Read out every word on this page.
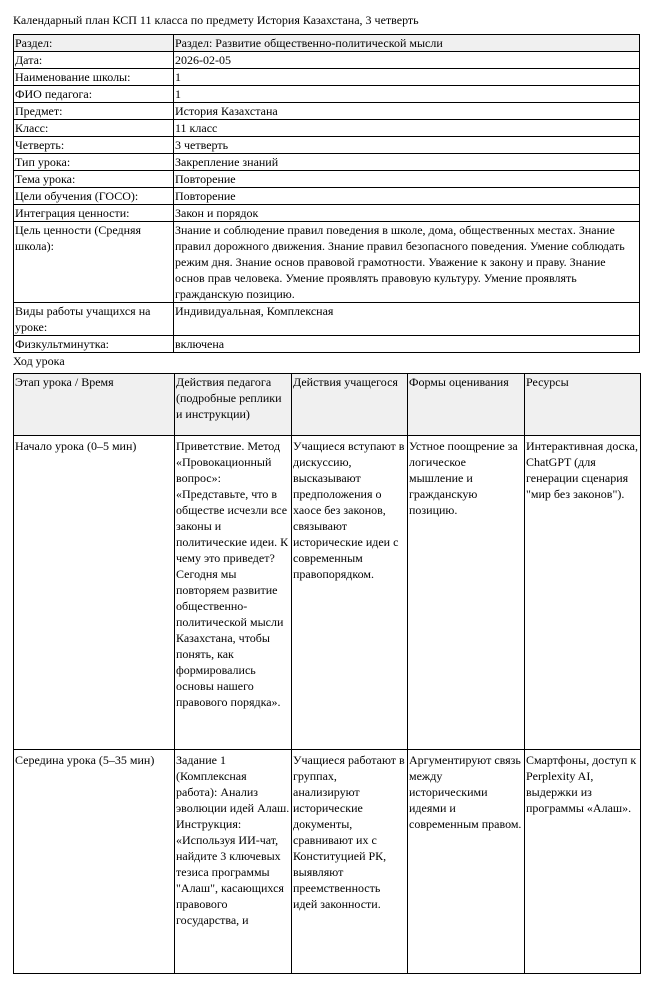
Календарный план КСП 11 класса по предмету История Казахстана, 3 четверть
Раздел:	Раздел: Развитие общественно-политической мысли
Дата:	2026-02-05
Наименование школы:	1
ФИО педагога:	1
Предмет:	История Казахстана
Класс:	11 класс
Четверть:	3 четверть
Тип урока:	Закрепление знаний
Тема урока:	Повторение
Цели обучения (ГОСО):	Повторение
Интеграция ценности:	Закон и порядок
Цель ценности (Средняя школа):	Знание и соблюдение правил поведения в школе, дома, общественных местах. Знание правил дорожного движения. Знание правил безопасного поведения. Умение соблюдать режим дня. Знание основ правовой грамотности. Уважение к закону и праву. Знание основ прав человека. Умение проявлять правовую культуру. Умение проявлять гражданскую позицию.
Виды работы учащихся на уроке:	Индивидуальная, Комплексная
Физкультминутка:	включена
Ход урока
Этап урока / Время	Действия педагога (подробные реплики и инструкции)	Действия учащегося	Формы оценивания	Ресурсы
Начало урока (0–5 мин)	Приветствие. Метод «Провокационный вопрос»: «Представьте, что в обществе исчезли все законы и политические идеи. К чему это приведет? Сегодня мы повторяем развитие общественно-политической мысли Казахстана, чтобы понять, как формировались основы нашего правового порядка».	Учащиеся вступают в дискуссию, высказывают предположения о хаосе без законов, связывают исторические идеи с современным правопорядком.	Устное поощрение за логическое мышление и гражданскую позицию.	Интерактивная доска, ChatGPT (для генерации сценария "мир без законов").
Середина урока (5–35 мин)	Задание 1 (Комплексная работа): Анализ эволюции идей Алаш. Инструкция: «Используя ИИ-чат, найдите 3 ключевых тезиса программы "Алаш", касающихся правового государства, и	Учащиеся работают в группах, анализируют исторические документы, сравнивают их с Конституцией РК, выявляют преемственность идей законности.	Аргументируют связь между историческими идеями и современным правом.	Смартфоны, доступ к Perplexity AI, выдержки из программы «Алаш».
